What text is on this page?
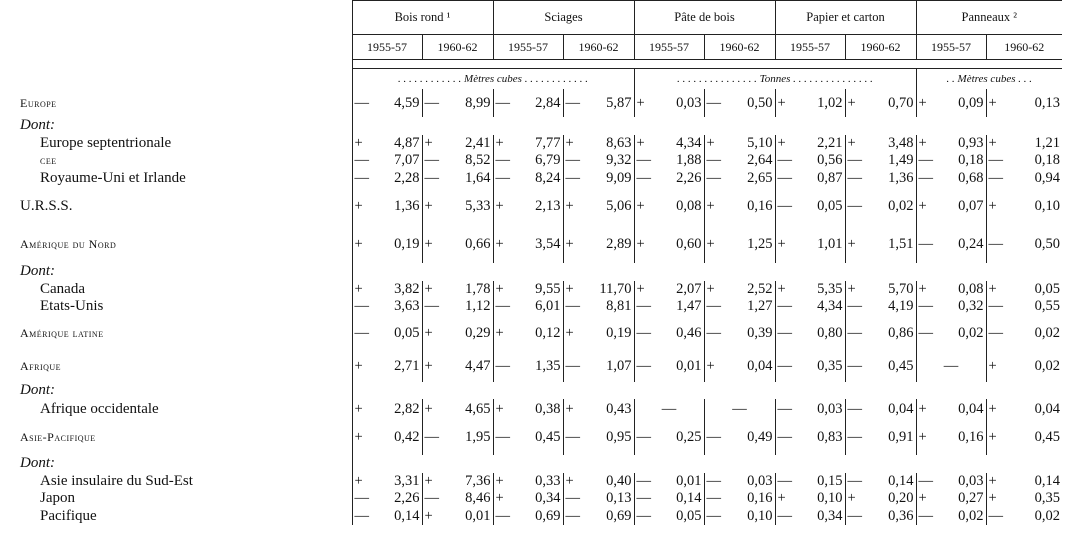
	Bois rond ¹		Sciages		Pâte de bois		Papier et carton		Panneaux ²	
	1955-57	1960-62	1955-57	1960-62	1955-57	1960-62	1955-57	1960-62	1955-57	1960-62

	. . . . . . . . . . . . Mètres cubes . . . . . . . . . . . .				. . . . . . . . . . . . . . . Tonnes . . . . . . . . . . . . . . .				. . Mètres cubes . . .	
Europe	— 4,59	— 8,99	— 2,84	— 5,87	+ 0,03	— 0,50	+ 1,02	+ 0,70	+ 0,09	+ 0,13

Dont:										
Europe septentrionale	+ 4,87	+ 2,41	+ 7,77	+ 8,63	+ 4,34	+ 5,10	+ 2,21	+ 3,48	+ 0,93	+ 1,21

cee	— 7,07	— 8,52	— 6,79	— 9,32	— 1,88	— 2,64	— 0,56	— 1,49	— 0,18	— 0,18

Royaume-Uni et Irlande	— 2,28	— 1,64	— 8,24	— 9,09	— 2,26	— 2,65	— 0,87	— 1,36	— 0,68	— 0,94

U.R.S.S.	+ 1,36	+ 5,33	+ 2,13	+ 5,06	+ 0,08	+ 0,16	— 0,05	— 0,02	+ 0,07	+ 0,10

Amérique du Nord	+ 0,19	+ 0,66	+ 3,54	+ 2,89	+ 0,60	+ 1,25	+ 1,01	+ 1,51	— 0,24	— 0,50

Dont:										
Canada	+ 3,82	+ 1,78	+ 9,55	+ 11,70	+ 2,07	+ 2,52	+ 5,35	+ 5,70	+ 0,08	+ 0,05

Etats-Unis	— 3,63	— 1,12	— 6,01	— 8,81	— 1,47	— 1,27	— 4,34	— 4,19	— 0,32	— 0,55

Amérique latine	— 0,05	+ 0,29	+ 0,12	+ 0,19	— 0,46	— 0,39	— 0,80	— 0,86	— 0,02	— 0,02

Afrique	+ 2,71	+ 4,47	— 1,35	— 1,07	— 0,01	+ 0,04	— 0,35	— 0,45	—	+ 0,02

Dont:										
Afrique occidentale	+ 2,82	+ 4,65	+ 0,38	+ 0,43	—	—	— 0,03	— 0,04	+ 0,04	+ 0,04

Asie-Pacifique	+ 0,42	— 1,95	— 0,45	— 0,95	— 0,25	— 0,49	— 0,83	— 0,91	+ 0,16	+ 0,45

Dont:										
Asie insulaire du Sud-Est	+ 3,31	+ 7,36	+ 0,33	+ 0,40	— 0,01	— 0,03	— 0,15	— 0,14	— 0,03	+ 0,14

Japon	— 2,26	— 8,46	+ 0,34	— 0,13	— 0,14	— 0,16	+ 0,10	+ 0,20	+ 0,27	+ 0,35

Pacifique	— 0,14	+ 0,01	— 0,69	— 0,69	— 0,05	— 0,10	— 0,34	— 0,36	— 0,02	— 0,02
